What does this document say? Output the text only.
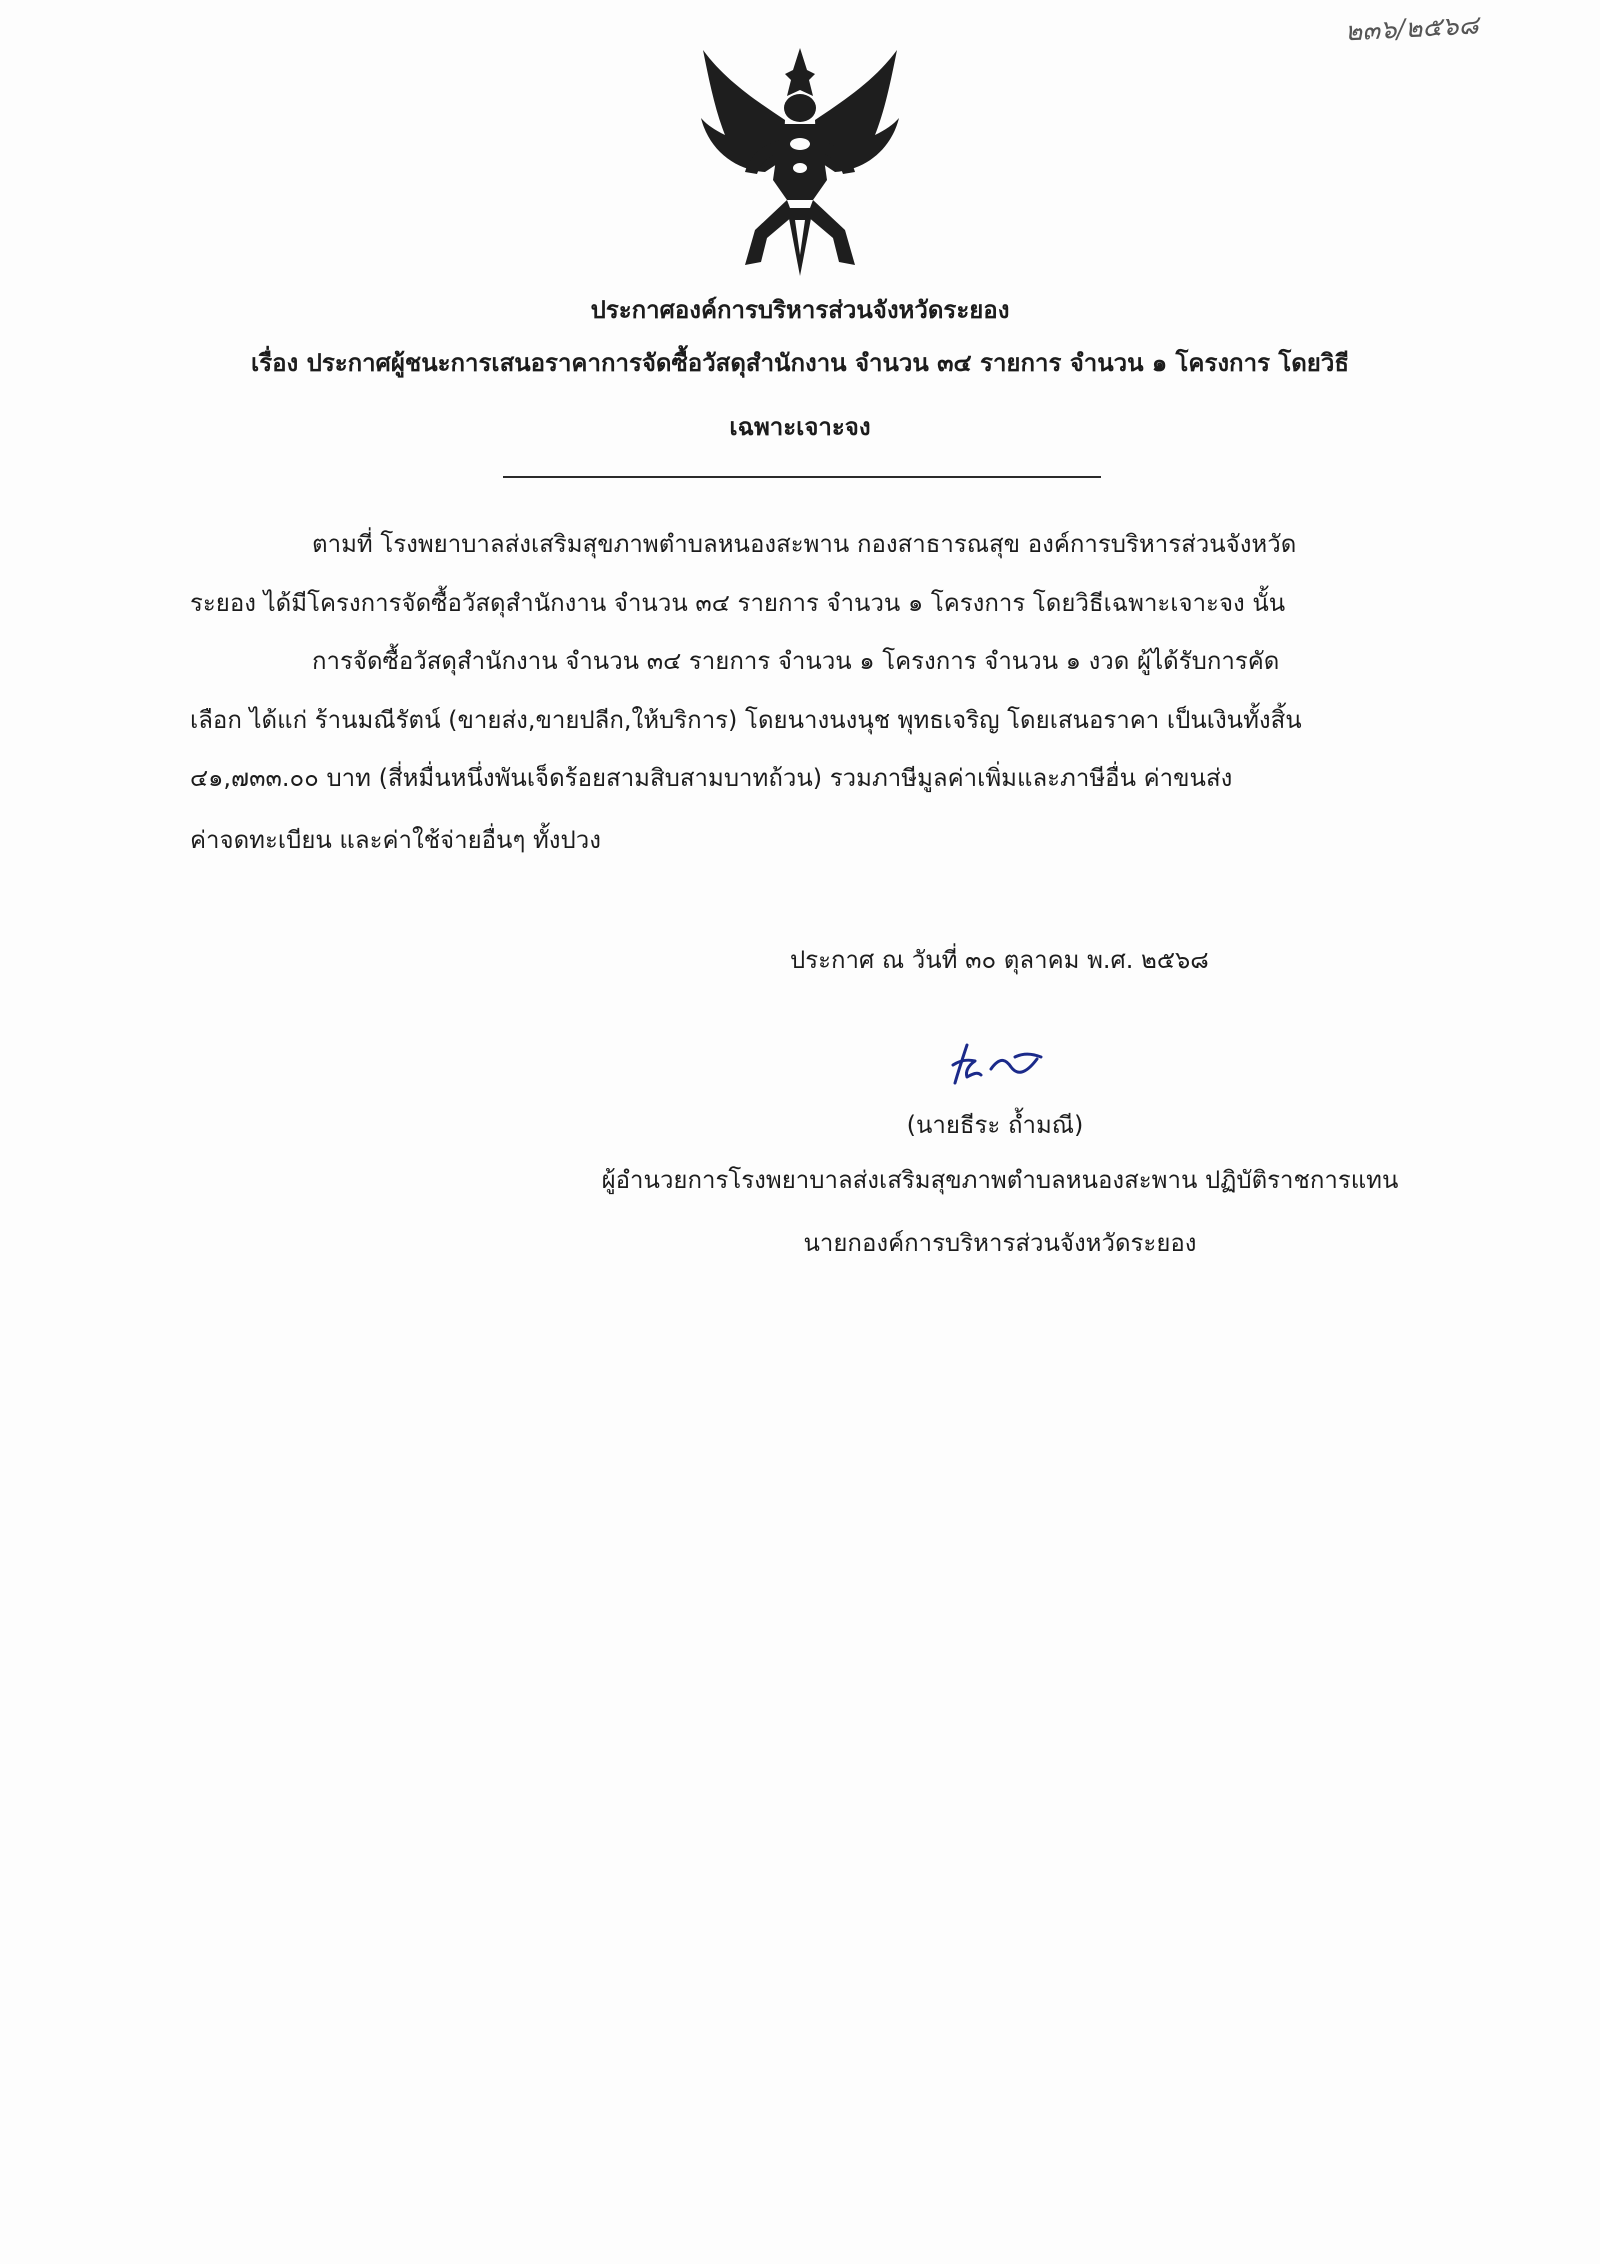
๒๓๖/๒๕๖๘
ประกาศองค์การบริหารส่วนจังหวัดระยอง
เรื่อง ประกาศผู้ชนะการเสนอราคาการจัดซื้อวัสดุสำนักงาน จำนวน ๓๔ รายการ จำนวน ๑ โครงการ โดยวิธี
เฉพาะเจาะจง
ตามที่ โรงพยาบาลส่งเสริมสุขภาพตำบลหนองสะพาน กองสาธารณสุข องค์การบริหารส่วนจังหวัด
ระยอง ได้มีโครงการจัดซื้อวัสดุสำนักงาน จำนวน ๓๔ รายการ จำนวน ๑ โครงการ โดยวิธีเฉพาะเจาะจง นั้น
การจัดซื้อวัสดุสำนักงาน จำนวน ๓๔ รายการ จำนวน ๑ โครงการ จำนวน ๑ งวด ผู้ได้รับการคัด
เลือก ได้แก่ ร้านมณีรัตน์ (ขายส่ง,ขายปลีก,ให้บริการ) โดยนางนงนุช พุทธเจริญ โดยเสนอราคา เป็นเงินทั้งสิ้น
๔๑,๗๓๓.๐๐ บาท (สี่หมื่นหนึ่งพันเจ็ดร้อยสามสิบสามบาทถ้วน) รวมภาษีมูลค่าเพิ่มและภาษีอื่น ค่าขนส่ง
ค่าจดทะเบียน และค่าใช้จ่ายอื่นๆ ทั้งปวง
ประกาศ ณ วันที่ ๓๐ ตุลาคม พ.ศ. ๒๕๖๘
(นายธีระ ถ้ำมณี)
ผู้อำนวยการโรงพยาบาลส่งเสริมสุขภาพตำบลหนองสะพาน ปฏิบัติราชการแทน
นายกองค์การบริหารส่วนจังหวัดระยอง
